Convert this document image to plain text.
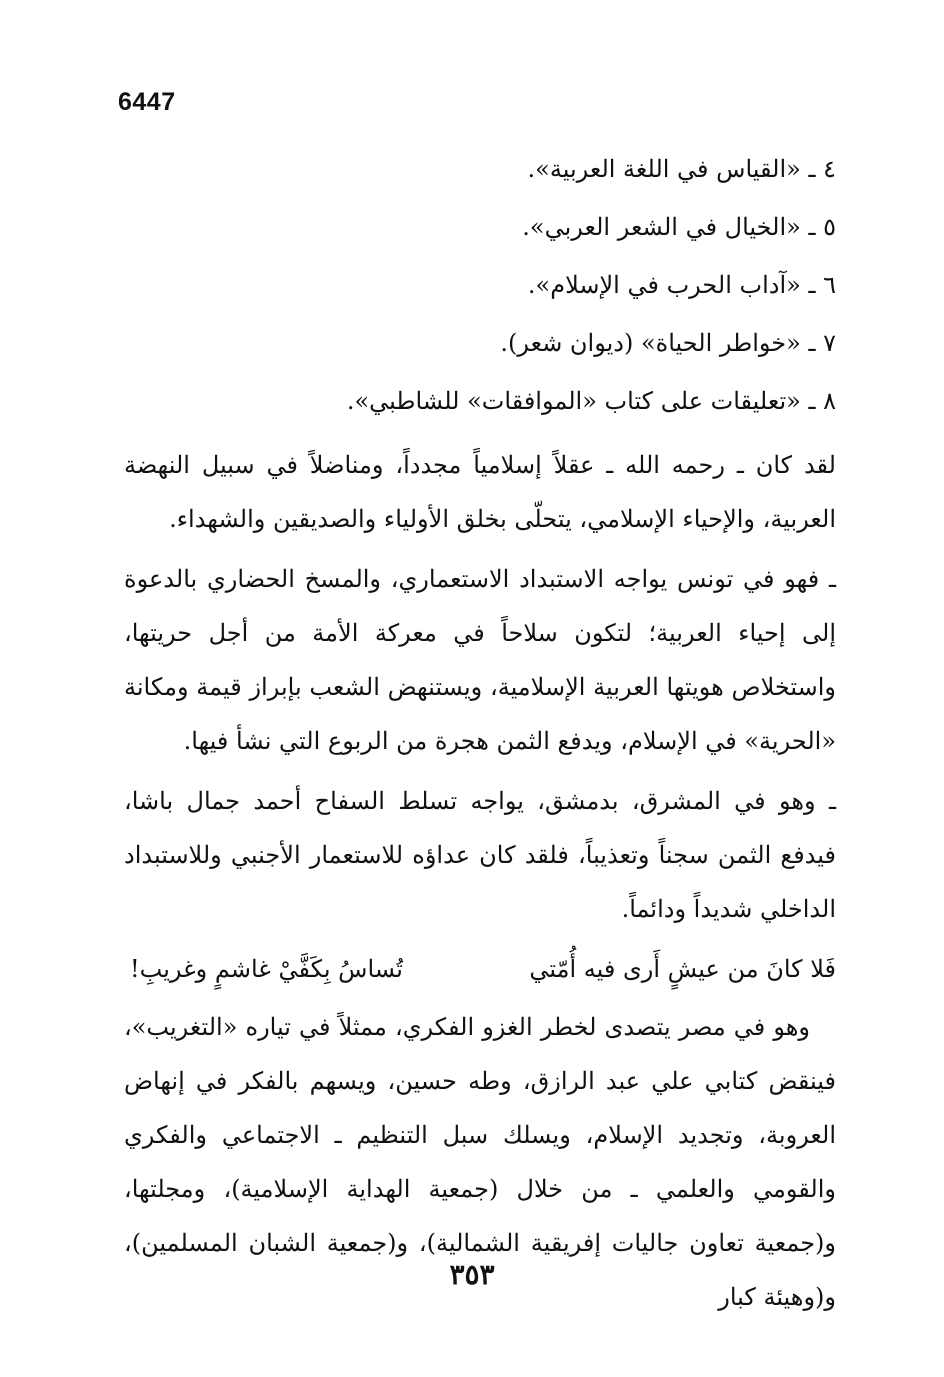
6447
٤ ـ «القياس في اللغة العربية».
٥ ـ «الخيال في الشعر العربي».
٦ ـ «آداب الحرب في الإسلام».
٧ ـ «خواطر الحياة» (ديوان شعر).
٨ ـ «تعليقات على كتاب «الموافقات» للشاطبي».

لقد كان ـ رحمه الله ـ عقلاً إسلامياً مجدداً، ومناضلاً في سبيل النهضة العربية، والإحياء الإسلامي، يتحلّى بخلق الأولياء والصديقين والشهداء.

ـ فهو في تونس يواجه الاستبداد الاستعماري، والمسخ الحضاري بالدعوة إلى إحياء العربية؛ لتكون سلاحاً في معركة الأمة من أجل حريتها، واستخلاص هويتها العربية الإسلامية، ويستنهض الشعب بإبراز قيمة ومكانة «الحرية» في الإسلام، ويدفع الثمن هجرة من الربوع التي نشأ فيها.

ـ وهو في المشرق، بدمشق، يواجه تسلط السفاح أحمد جمال باشا، فيدفع الثمن سجناً وتعذيباً، فلقد كان عداؤه للاستعمار الأجنبي وللاستبداد الداخلي شديداً ودائماً.

فَلا كانَ من عيشٍ أَرى فيه أُمّتي
تُساسُ بِكَفَّيْ غاشمٍ وغريبِ!

وهو في مصر يتصدى لخطر الغزو الفكري، ممثلاً في تياره «التغريب»، فينقض كتابي علي عبد الرازق، وطه حسين، ويسهم بالفكر في إنهاض العروبة، وتجديد الإسلام، ويسلك سبل التنظيم ـ الاجتماعي والفكري والقومي والعلمي ـ من خلال (جمعية الهداية الإسلامية)، ومجلتها، و(جمعية تعاون جاليات إفريقية الشمالية)، و(جمعية الشبان المسلمين)، و(وهيئة كبار

٣٥٣
